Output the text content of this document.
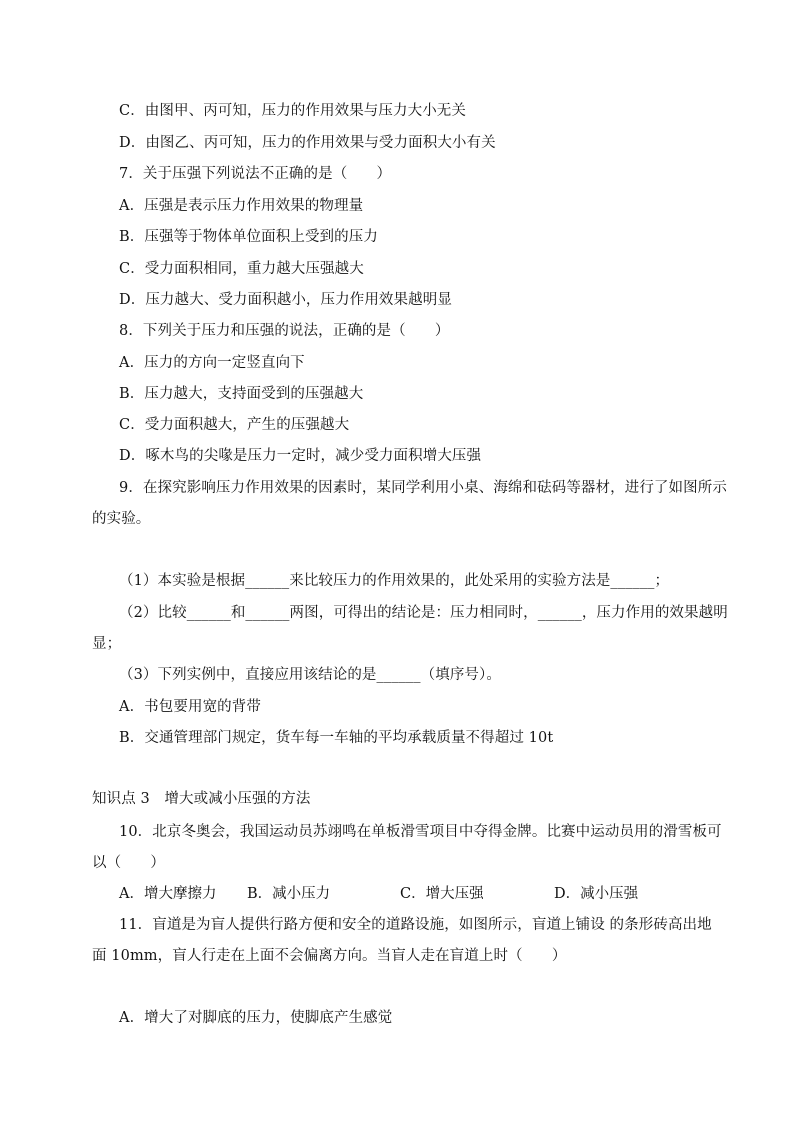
C．由图甲、丙可知，压力的作用效果与压力大小无关
D．由图乙、丙可知，压力的作用效果与受力面积大小有关
7．关于压强下列说法不正确的是（　　）
A．压强是表示压力作用效果的物理量
B．压强等于物体单位面积上受到的压力
C．受力面积相同，重力越大压强越大
D．压力越大、受力面积越小，压力作用效果越明显
8．下列关于压力和压强的说法，正确的是（　　）
A．压力的方向一定竖直向下
B．压力越大，支持面受到的压强越大
C．受力面积越大，产生的压强越大
D．啄木鸟的尖喙是压力一定时，减少受力面积增大压强
9．在探究影响压力作用效果的因素时，某同学利用小桌、海绵和砝码等器材，进行了如图所示
的实验。
（1）本实验是根据______来比较压力的作用效果的，此处采用的实验方法是______；
（2）比较______和______两图，可得出的结论是：压力相同时，______，压力作用的效果越明
显；
（3）下列实例中，直接应用该结论的是______（填序号）。
A．书包要用宽的背带
B．交通管理部门规定，货车每一车轴的平均承载质量不得超过 10t
知识点 3　增大或减小压强的方法
10．北京冬奥会，我国运动员苏翊鸣在单板滑雪项目中夺得金牌。比赛中运动员用的滑雪板可
以（　　）
A．增大摩擦力 B．减小压力	C．增大压强	D．减小压强
11．盲道是为盲人提供行路方便和安全的道路设施，如图所示，盲道上铺设 的条形砖高出地
面 10mm，盲人行走在上面不会偏离方向。当盲人走在盲道上时（　　）
A．增大了对脚底的压力，使脚底产生感觉
